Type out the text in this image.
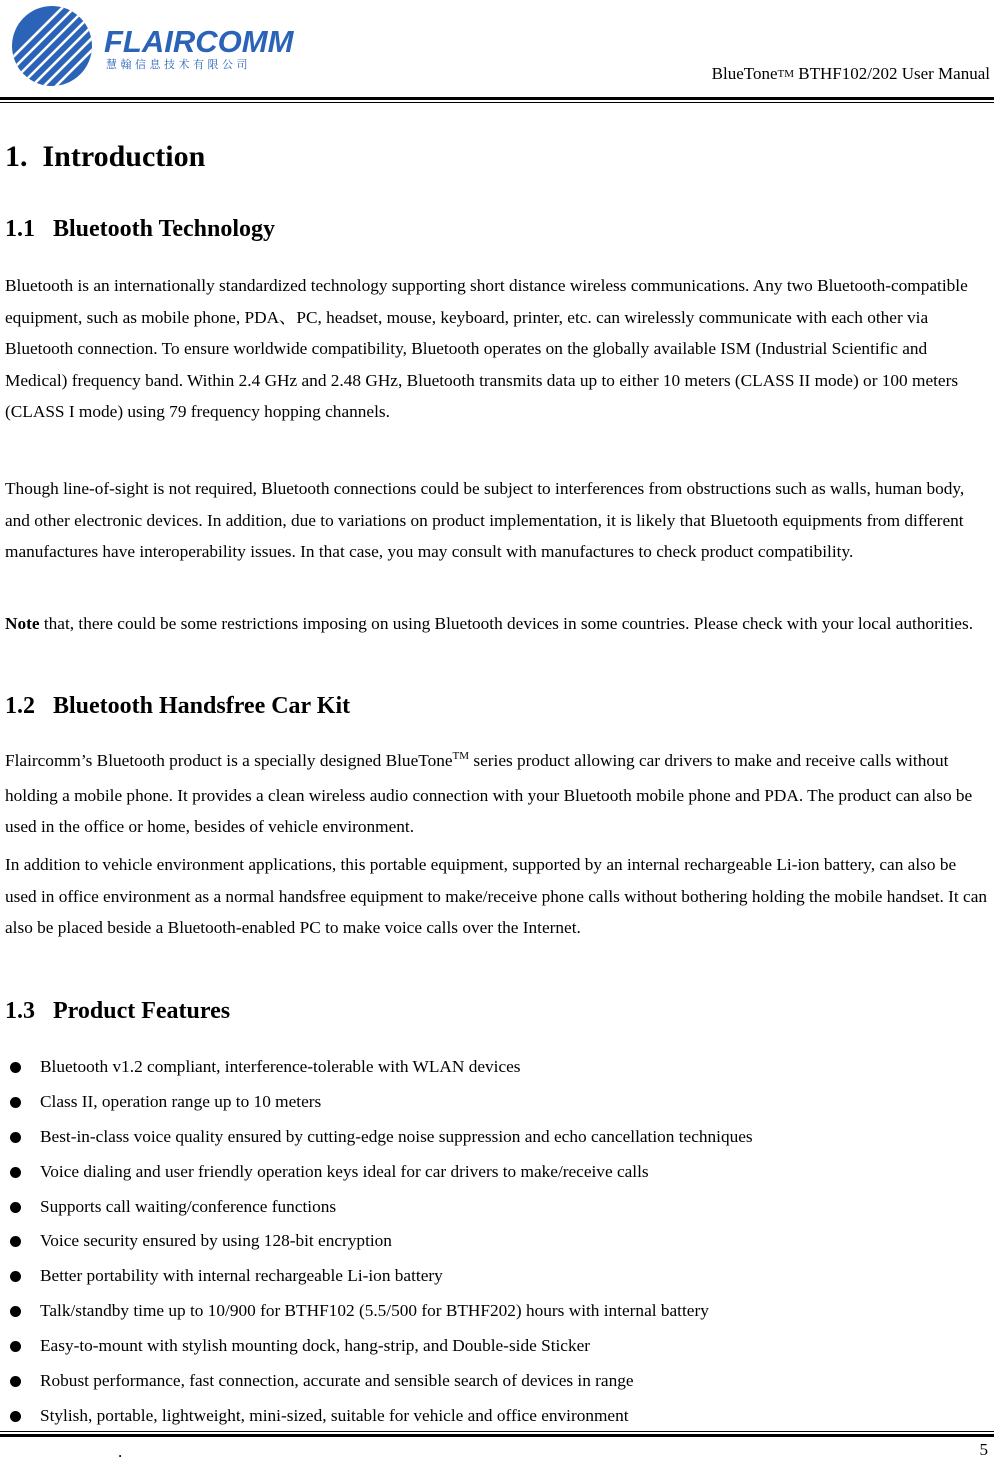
FLAIRCOMM
慧 翰 信 息 技 术 有 限 公 司	BlueTone™ BTHF102/202 User Manual
1. Introduction
1.1 Bluetooth Technology

Bluetooth is an internationally standardized technology supporting short distance wireless communications. Any two Bluetooth-compatible equipment, such as mobile phone, PDA、PC, headset, mouse, keyboard, printer, etc. can wirelessly communicate with each other via Bluetooth connection. To ensure worldwide compatibility, Bluetooth operates on the globally available ISM (Industrial Scientific and Medical) frequency band. Within 2.4 GHz and 2.48 GHz, Bluetooth transmits data up to either 10 meters (CLASS II mode) or 100 meters (CLASS I mode) using 79 frequency hopping channels.

Though line-of-sight is not required, Bluetooth connections could be subject to interferences from obstructions such as walls, human body, and other electronic devices. In addition, due to variations on product implementation, it is likely that Bluetooth equipments from different manufactures have interoperability issues. In that case, you may consult with manufactures to check product compatibility.

Note that, there could be some restrictions imposing on using Bluetooth devices in some countries. Please check with your local authorities.

1.2 Bluetooth Handsfree Car Kit

Flaircomm’s Bluetooth product is a specially designed BlueTone™ series product allowing car drivers to make and receive calls without holding a mobile phone. It provides a clean wireless audio connection with your Bluetooth mobile phone and PDA. The product can also be used in the office or home, besides of vehicle environment.

In addition to vehicle environment applications, this portable equipment, supported by an internal rechargeable Li-ion battery, can also be used in office environment as a normal handsfree equipment to make/receive phone calls without bothering holding the mobile handset. It can also be placed beside a Bluetooth-enabled PC to make voice calls over the Internet.

1.3 Product Features
Bluetooth v1.2 compliant, interference-tolerable with WLAN devices
Class II, operation range up to 10 meters
Best-in-class voice quality ensured by cutting-edge noise suppression and echo cancellation techniques
Voice dialing and user friendly operation keys ideal for car drivers to make/receive calls
Supports call waiting/conference functions
Voice security ensured by using 128-bit encryption
Better portability with internal rechargeable Li-ion battery
Talk/standby time up to 10/900 for BTHF102 (5.5/500 for BTHF202) hours with internal battery
Easy-to-mount with stylish mounting dock, hang-strip, and Double-side Sticker
Robust performance, fast connection, accurate and sensible search of devices in range
Stylish, portable, lightweight, mini-sized, suitable for vehicle and office environment
.	5
